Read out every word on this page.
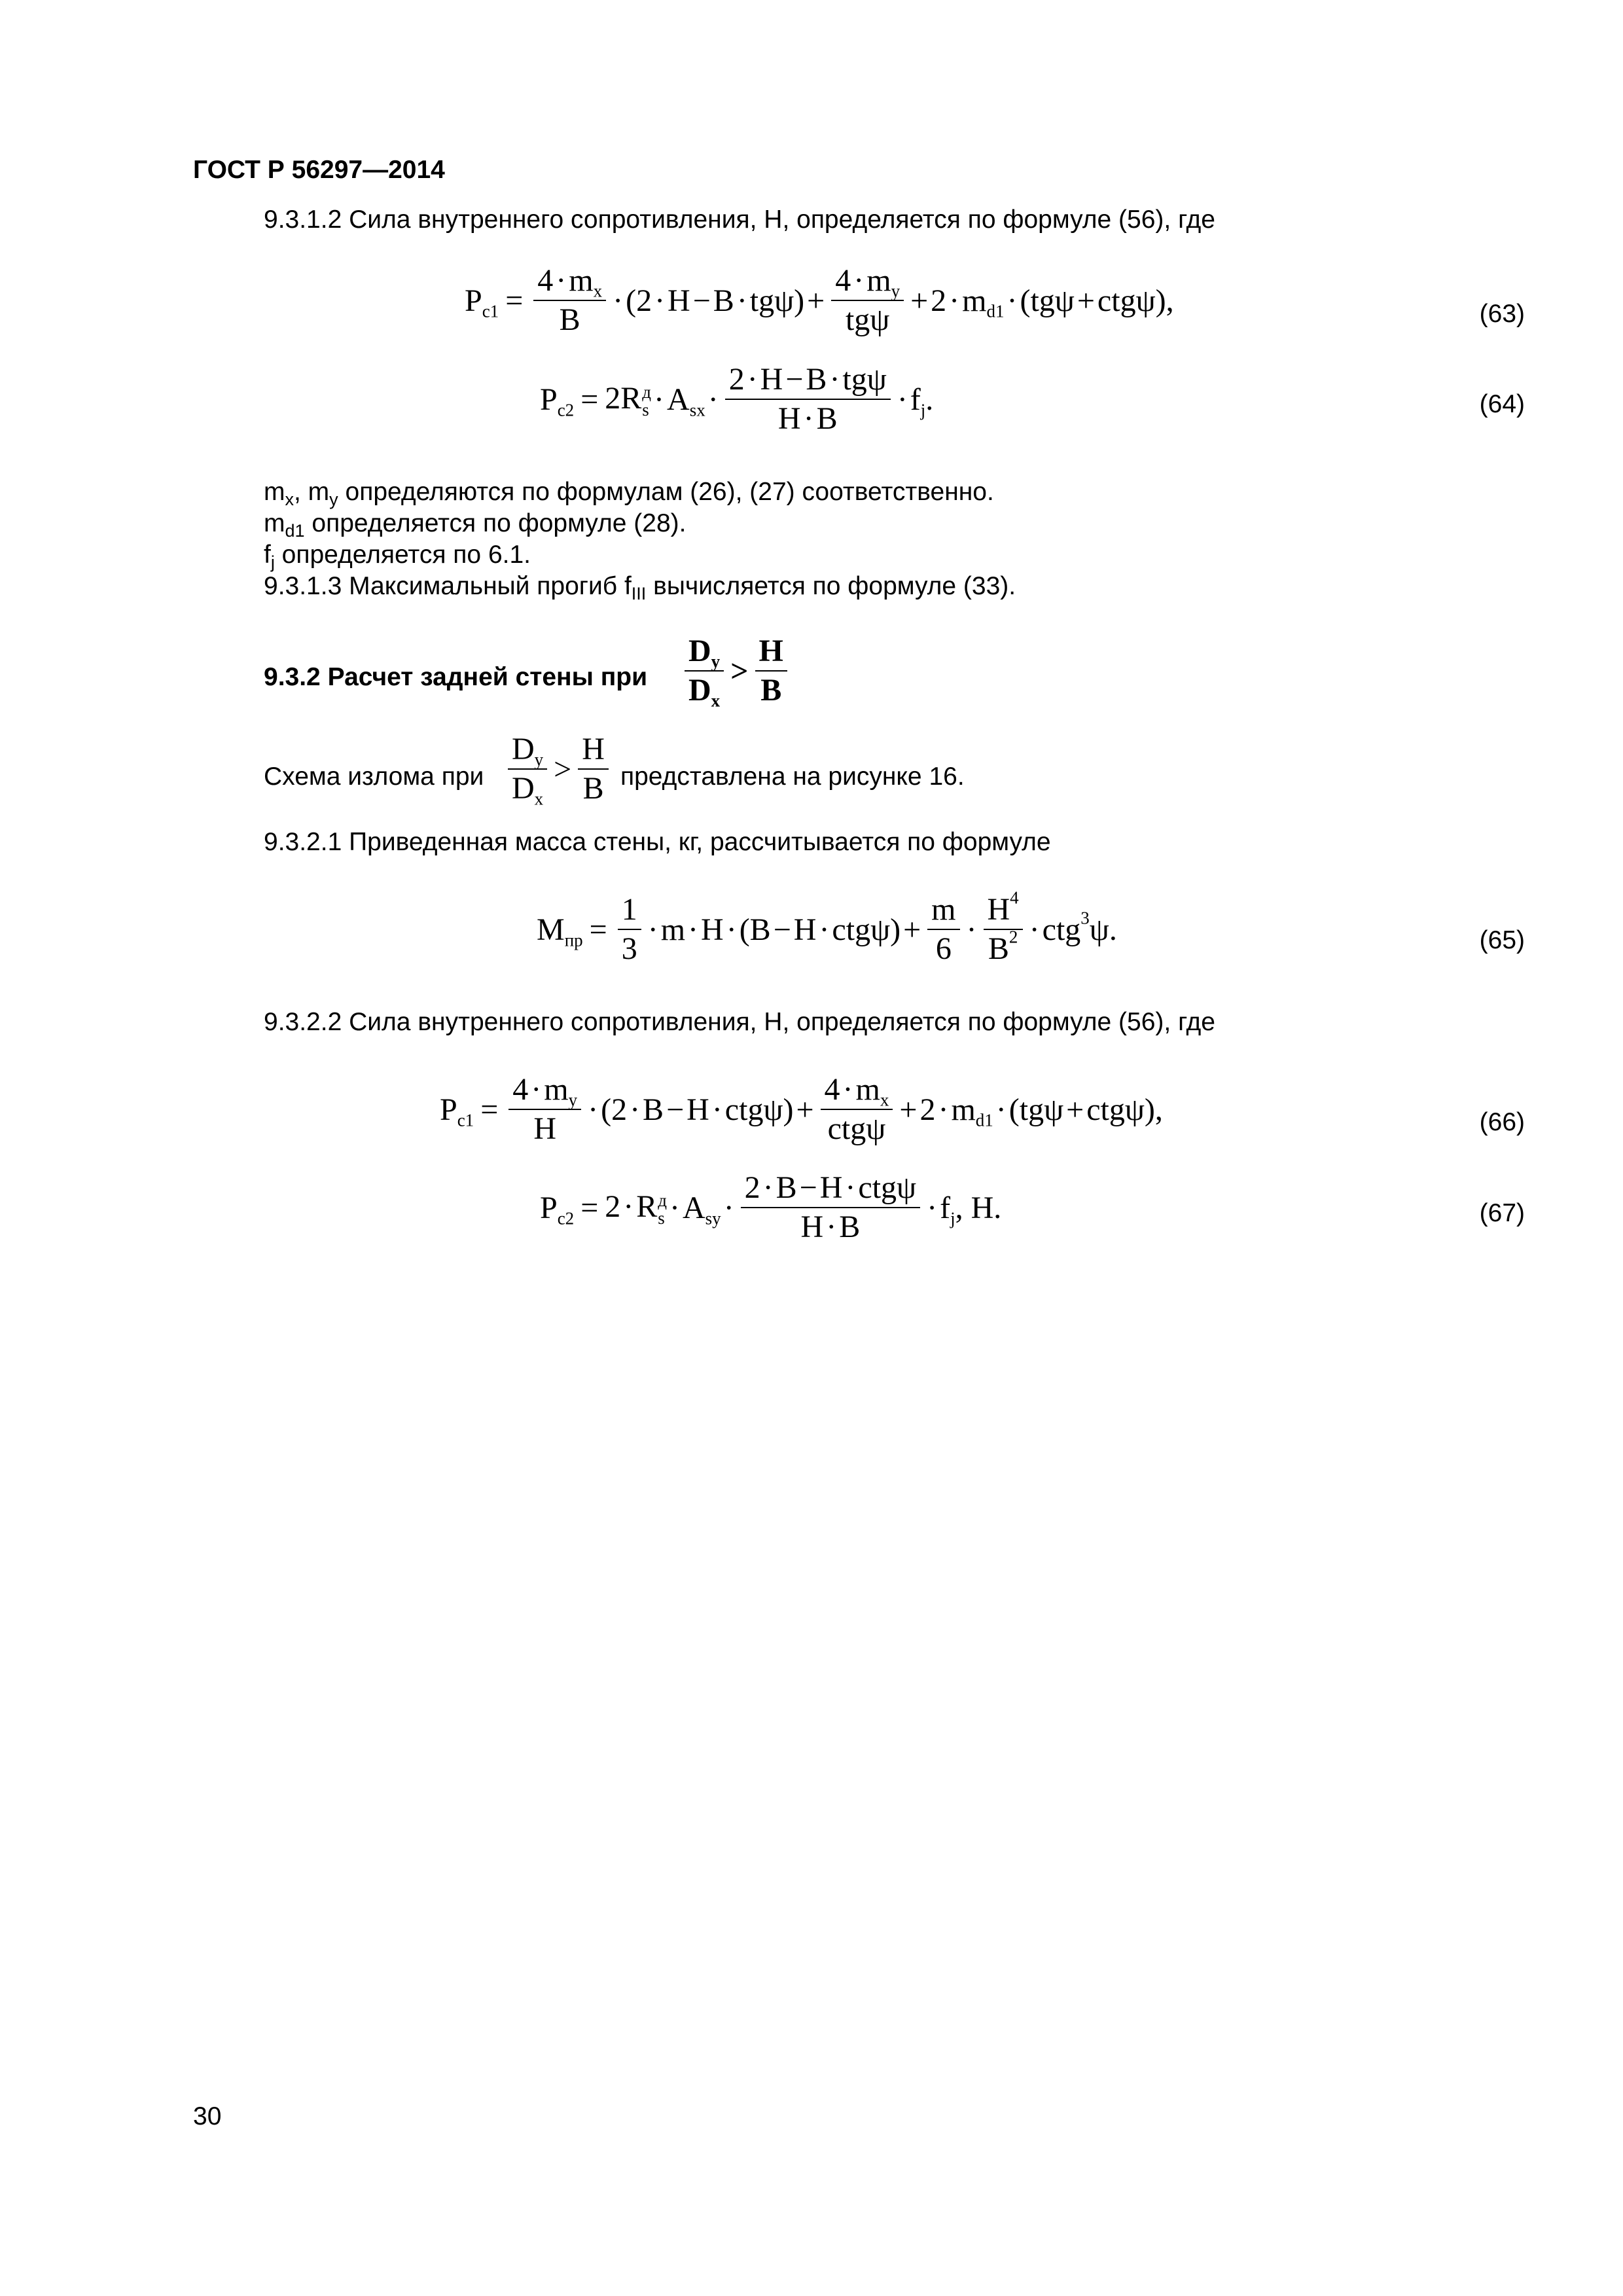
ГОСТ Р 56297—2014
9.3.1.2 Сила внутреннего сопротивления, Н, определяется по формуле (56), где
$P_{c1} = \frac{4\cdot m_x}{B} \cdot (2\cdot H-B\cdot tg\psi) + \frac{4\cdot m_y}{\text{tgψ}} + 2\cdot m_{d1} \cdot (tg\psi+ctg\psi)$,	(63)
$P_{c2} = 2R$ д
$s \cdot A_{sx} \cdot \frac{\text{2·H−B·tgψ}}{H\cdot B} \cdot f_j$.	(64)
$m_x$, $m_y$ определяются по формулам (26), (27) соответственно.
$m_{d1}$ определяется по формуле (28).
$f_j$ определяется по 6.1.
9.3.1.3 Максимальный прогиб $f_{III}$ вычисляется по формуле (33).
9.3.2 Расчет задней стены при $\frac{D_y}{D_x} > \frac{H}{B}$
Схема излома при $\frac{D_y}{D_x} > \frac{H}{B}$ представлена на рисунке 16.
9.3.2.1 Приведенная масса стены, кг, рассчитывается по формуле
$M_{пр} = \frac{1}{3} \cdot m\cdot H\cdot(B-H\cdot ctg\psi) + \frac{m}{6} \cdot \frac{H^4}{B^2} \cdot ctg^3\psi$.	(65)
9.3.2.2 Сила внутреннего сопротивления, Н, определяется по формуле (56), где
$P_{c1} = \frac{4\cdot m_y}{H} \cdot (2\cdot B-H\cdot ctg\psi) + \frac{4\cdot m_x}{\text{ctgψ}} + 2\cdot m_{d1} \cdot (tg\psi+ctg\psi)$,	(66)
$P_{c2} = 2\cdot R$ д
$s \cdot A_{sy} \cdot \frac{\text{2·B−H·ctgψ}}{H\cdot B} \cdot f_j$, H.	(67)
30
